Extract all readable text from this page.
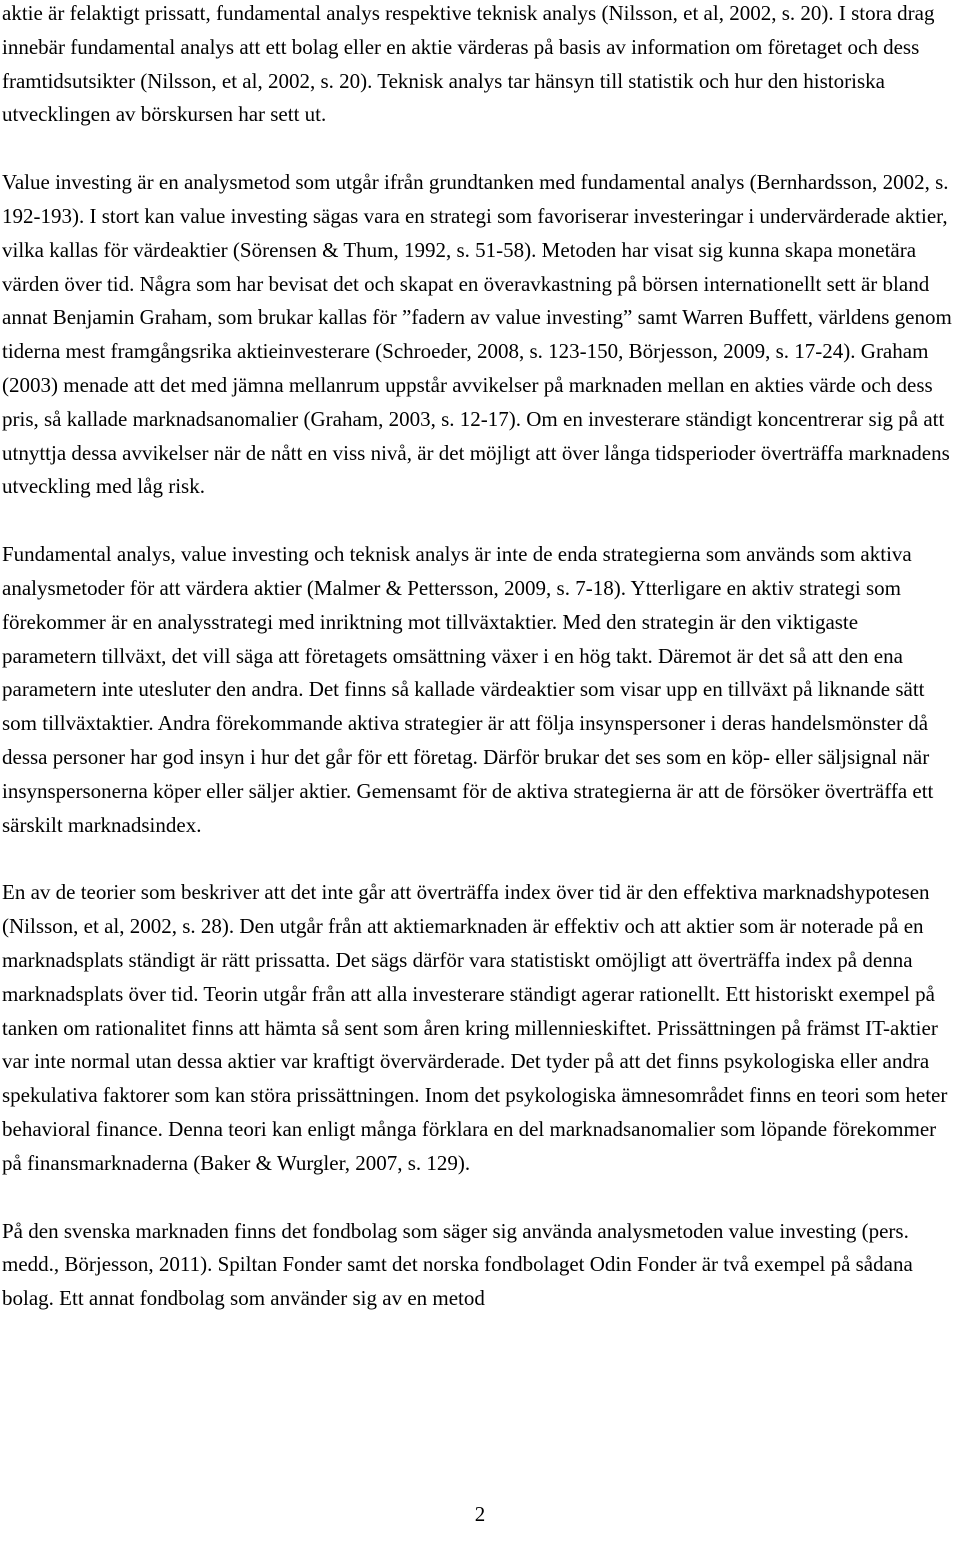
aktie är felaktigt prissatt, fundamental analys respektive teknisk analys (Nilsson, et al, 2002, s. 20). I stora drag innebär fundamental analys att ett bolag eller en aktie värderas på basis av information om företaget och dess framtidsutsikter (Nilsson, et al, 2002, s. 20). Teknisk analys tar hänsyn till statistik och hur den historiska utvecklingen av börskursen har sett ut.

Value investing är en analysmetod som utgår ifrån grundtanken med fundamental analys (Bernhardsson, 2002, s. 192-193). I stort kan value investing sägas vara en strategi som favoriserar investeringar i undervärderade aktier, vilka kallas för värdeaktier (Sörensen & Thum, 1992, s. 51-58). Metoden har visat sig kunna skapa monetära värden över tid. Några som har bevisat det och skapat en överavkastning på börsen internationellt sett är bland annat Benjamin Graham, som brukar kallas för ”fadern av value investing” samt Warren Buffett, världens genom tiderna mest framgångsrika aktieinvesterare (Schroeder, 2008, s. 123-150, Börjesson, 2009, s. 17-24). Graham (2003) menade att det med jämna mellanrum uppstår avvikelser på marknaden mellan en akties värde och dess pris, så kallade marknadsanomalier (Graham, 2003, s. 12-17). Om en investerare ständigt koncentrerar sig på att utnyttja dessa avvikelser när de nått en viss nivå, är det möjligt att över långa tidsperioder överträffa marknadens utveckling med låg risk.

Fundamental analys, value investing och teknisk analys är inte de enda strategierna som används som aktiva analysmetoder för att värdera aktier (Malmer & Pettersson, 2009, s. 7-18). Ytterligare en aktiv strategi som förekommer är en analysstrategi med inriktning mot tillväxtaktier. Med den strategin är den viktigaste parametern tillväxt, det vill säga att företagets omsättning växer i en hög takt. Däremot är det så att den ena parametern inte utesluter den andra. Det finns så kallade värdeaktier som visar upp en tillväxt på liknande sätt som tillväxtaktier. Andra förekommande aktiva strategier är att följa insynspersoner i deras handelsmönster då dessa personer har god insyn i hur det går för ett företag. Därför brukar det ses som en köp- eller säljsignal när insynspersonerna köper eller säljer aktier. Gemensamt för de aktiva strategierna är att de försöker överträffa ett särskilt marknadsindex.

En av de teorier som beskriver att det inte går att överträffa index över tid är den effektiva marknadshypotesen (Nilsson, et al, 2002, s. 28). Den utgår från att aktiemarknaden är effektiv och att aktier som är noterade på en marknadsplats ständigt är rätt prissatta. Det sägs därför vara statistiskt omöjligt att överträffa index på denna marknadsplats över tid. Teorin utgår från att alla investerare ständigt agerar rationellt. Ett historiskt exempel på tanken om rationalitet finns att hämta så sent som åren kring millennieskiftet. Prissättningen på främst IT-aktier var inte normal utan dessa aktier var kraftigt övervärderade. Det tyder på att det finns psykologiska eller andra spekulativa faktorer som kan störa prissättningen. Inom det psykologiska ämnesområdet finns en teori som heter behavioral finance. Denna teori kan enligt många förklara en del marknadsanomalier som löpande förekommer på finansmarknaderna (Baker & Wurgler, 2007, s. 129).

På den svenska marknaden finns det fondbolag som säger sig använda analysmetoden value investing (pers. medd., Börjesson, 2011). Spiltan Fonder samt det norska fondbolaget Odin Fonder är två exempel på sådana bolag. Ett annat fondbolag som använder sig av en metod

2
